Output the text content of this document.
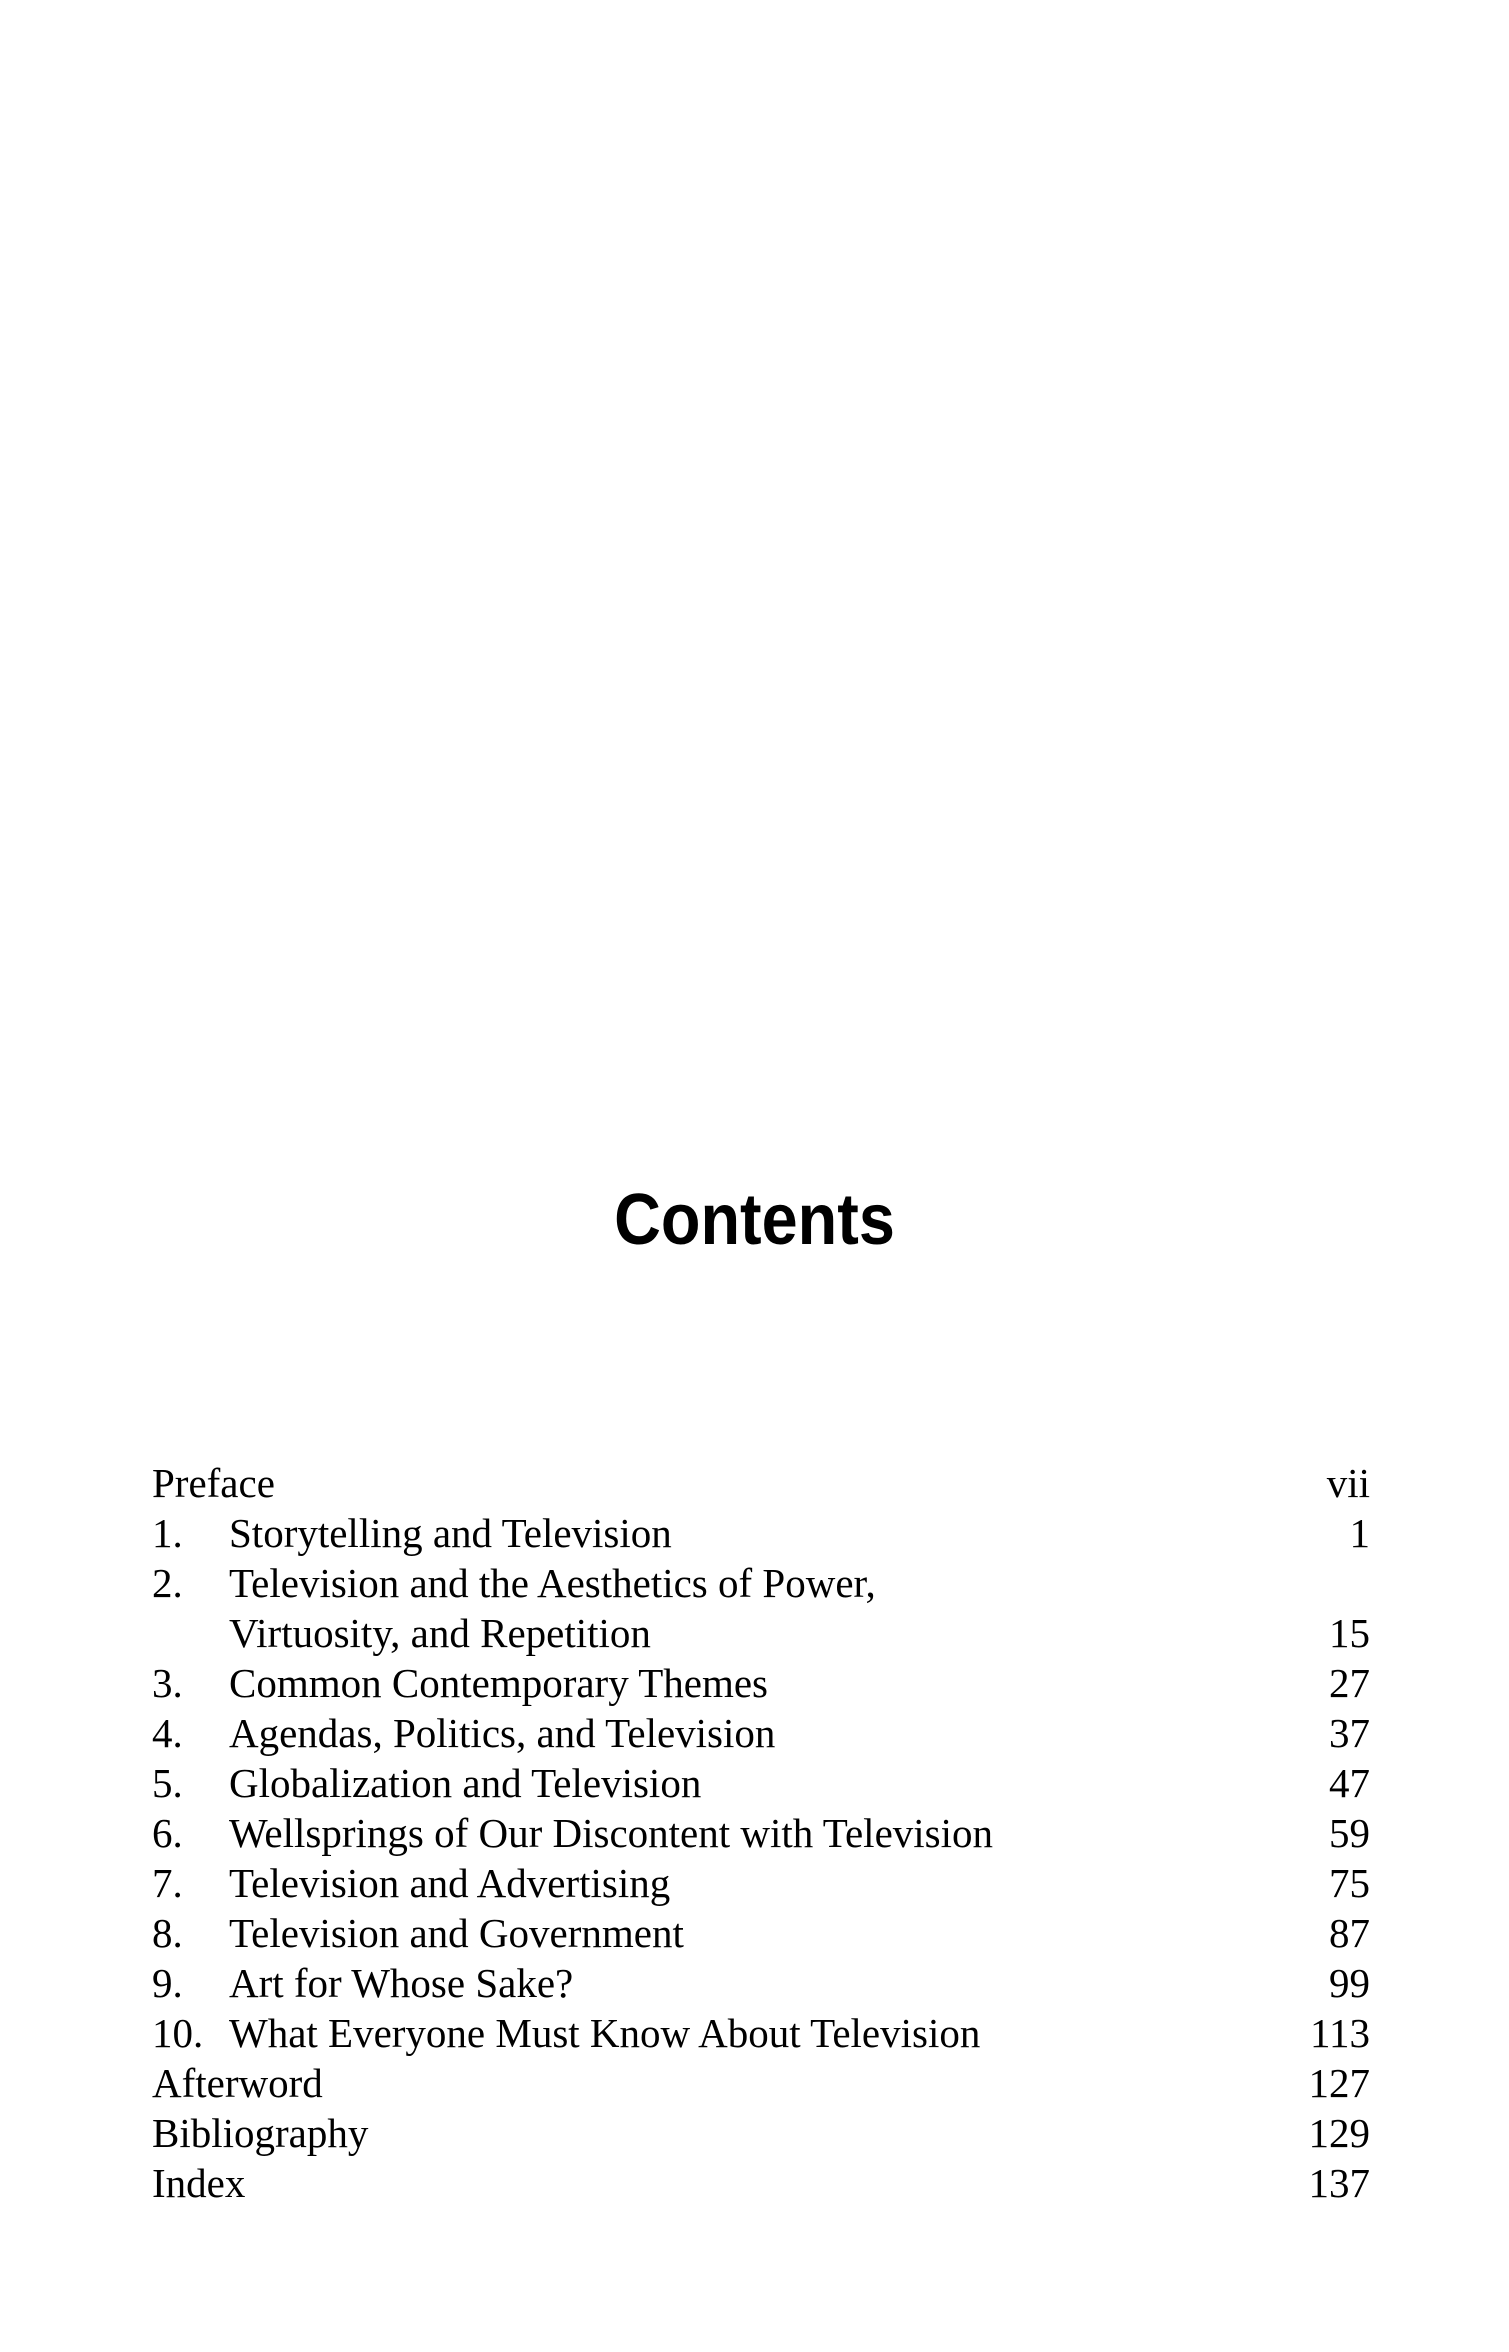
Contents
Preface	vii
1. Storytelling and Television	1
2. Television and the Aesthetics of Power,
Virtuosity, and Repetition	15
3. Common Contemporary Themes	27
4. Agendas, Politics, and Television	37
5. Globalization and Television	47
6. Wellsprings of Our Discontent with Television	59
7. Television and Advertising	75
8. Television and Government	87
9. Art for Whose Sake?	99
10. What Everyone Must Know About Television	113
Afterword	127
Bibliography	129
Index	137
